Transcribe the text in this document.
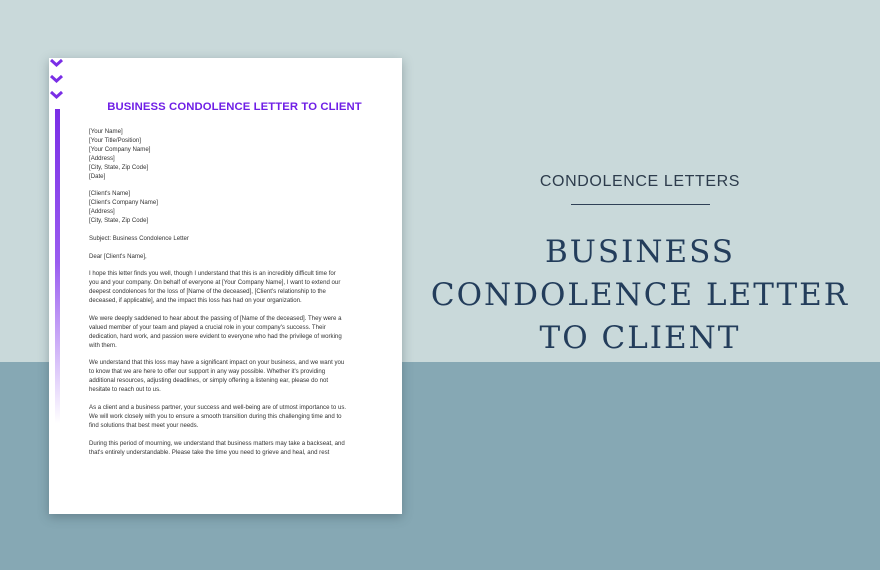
BUSINESS CONDOLENCE LETTER TO CLIENT
[Your Name]
[Your Title/Position]
[Your Company Name]
[Address]
[City, State, Zip Code]
[Date]
[Client's Name]
[Client's Company Name]
[Address]
[City, State, Zip Code]
Subject: Business Condolence Letter
Dear [Client's Name],
I hope this letter finds you well, though I understand that this is an incredibly difficult time for
you and your company. On behalf of everyone at [Your Company Name], I want to extend our
deepest condolences for the loss of [Name of the deceased], [Client's relationship to the
deceased, if applicable], and the impact this loss has had on your organization.
We were deeply saddened to hear about the passing of [Name of the deceased]. They were a
valued member of your team and played a crucial role in your company's success. Their
dedication, hard work, and passion were evident to everyone who had the privilege of working
with them.
We understand that this loss may have a significant impact on your business, and we want you
to know that we are here to offer our support in any way possible. Whether it's providing
additional resources, adjusting deadlines, or simply offering a listening ear, please do not
hesitate to reach out to us.
As a client and a business partner, your success and well-being are of utmost importance to us.
We will work closely with you to ensure a smooth transition during this challenging time and to
find solutions that best meet your needs.
During this period of mourning, we understand that business matters may take a backseat, and
that's entirely understandable. Please take the time you need to grieve and heal, and rest
CONDOLENCE LETTERS
BUSINESS
CONDOLENCE LETTER
TO CLIENT
